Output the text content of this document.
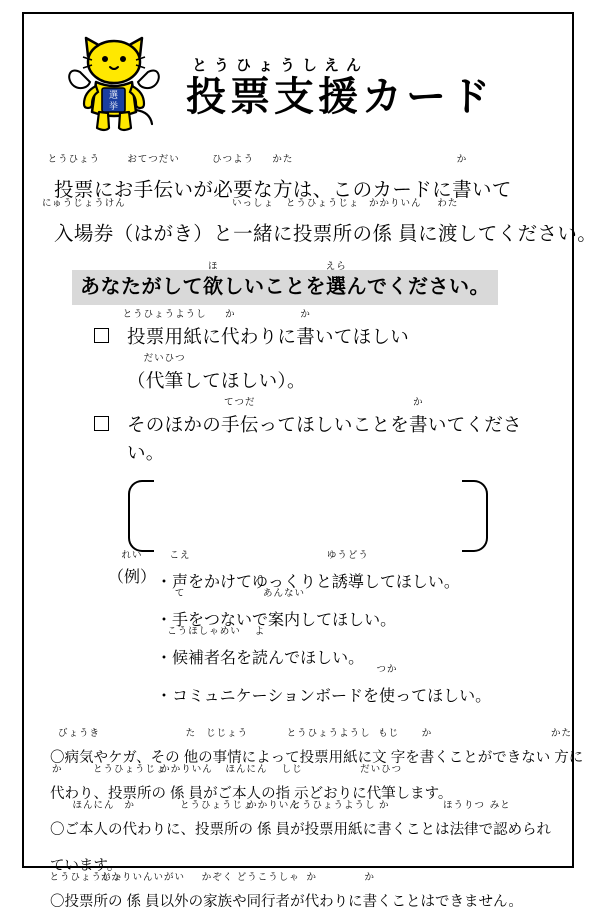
選
挙
とうひょうしえん
投票支援カード
とうひょう
投票にお
おてつだい
手伝いが
ひつよう
必要な
かた
方は、このカードに
か
書いて
にゅうじょうけん
入場券（はがき）と
いっしょ
一緒に
とうひょうじょ
投票所の
かかりいん
係 員に
わた
渡してください。
あなたがして
ほ
欲しいことを
えら
選んでください。
とうひょうようし
投票用紙に
か
代わりに
か
書いてほしい
（
だいひつ
代筆してほしい）。
そのほかの
てつだ
手伝ってほしいことを
か
書いてください。
（
れい
例） ・
こえ
声をかけてゆっくりと
ゆうどう
誘導してほしい。
・
て
手をつないで
あんない
案内してほしい。
・
こうほしゃめい
候補者名を
よ
読んでほしい。
・コミュニケーションボードを
つか
使ってほしい。

〇
びょうき
病気やケガ、その
た
他の
じじょう
事情によって
とうひょうようし
投票用紙に
もじ
文 字を
か
書くことができない
かた
方に

か
代わり、
とうひょうじょ
投票所の
かかりいん
係 員がご
ほんにん
本人の
しじ
指 示どおりに
だいひつ
代筆します。

〇ご
ほんにん
本人の
か
代わりに、
とうひょうじょ
投票所の
かかりいん
係 員が
とうひょうようし
投票用紙に
か
書くことは
ほうりつ
法律で
みと
認められ

ています。

〇
とうひょうじょ
投票所の
かかりいんいがい
係 員以外の
かぞく
家族や
どうこうしゃ
同行者が
か
代わりに
か
書くことはできません。
